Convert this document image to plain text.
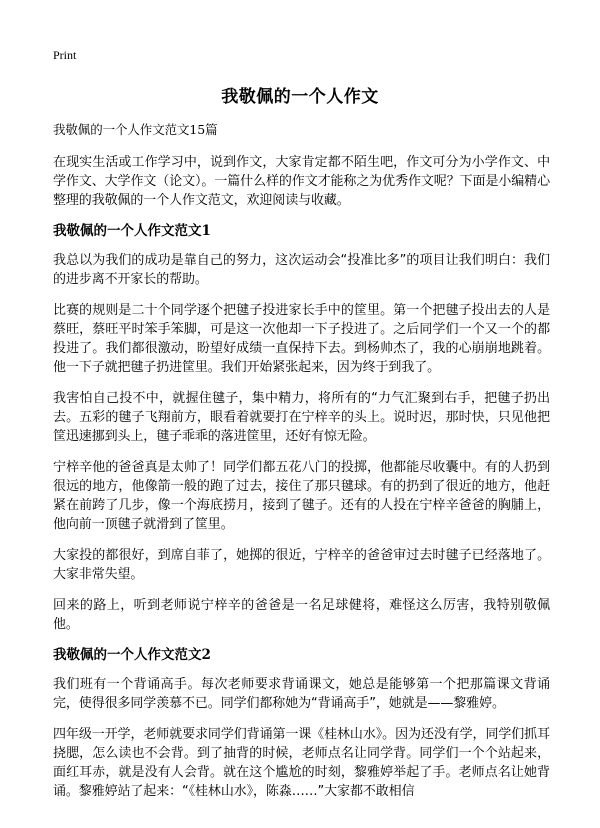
Print
我敬佩的一个人作文

我敬佩的一个人作文范文15篇

在现实生活或工作学习中，说到作文，大家肯定都不陌生吧，作文可分为小学作文、中学作文、大学作文（论文）。一篇什么样的作文才能称之为优秀作文呢？下面是小编精心整理的我敬佩的一个人作文范文，欢迎阅读与收藏。

我敬佩的一个人作文范文1

我总以为我们的成功是靠自己的努力，这次运动会“投准比多”的项目让我们明白：我们的进步离不开家长的帮助。

比赛的规则是二十个同学逐个把毽子投进家长手中的筐里。第一个把毽子投出去的人是蔡旺，蔡旺平时笨手笨脚，可是这一次他却一下子投进了。之后同学们一个又一个的都投进了。我们都很激动，盼望好成绩一直保持下去。到杨帅杰了，我的心崩崩地跳着。他一下子就把毽子扔进筐里。我们开始紧张起来，因为终于到我了。

我害怕自己投不中，就握住毽子，集中精力，将所有的“力气汇聚到右手，把毽子扔出去。五彩的毽子飞翔前方，眼看着就要打在宁梓辛的头上。说时迟，那时快，只见他把筐迅速挪到头上，毽子乖乖的落进筐里，还好有惊无险。

宁梓辛他的爸爸真是太帅了！同学们都五花八门的投掷，他都能尽收囊中。有的人扔到很远的地方，他像箭一般的跑了过去，接住了那只毽球。有的扔到了很近的地方，他赶紧在前跨了几步，像一个海底捞月，接到了毽子。还有的人投在宁梓辛爸爸的胸脯上，他向前一顶毽子就滑到了筐里。

大家投的都很好，到席自菲了，她掷的很近，宁梓辛的爸爸审过去时毽子已经落地了。大家非常失望。

回来的路上，听到老师说宁梓辛的爸爸是一名足球健将，难怪这么厉害，我特别敬佩他。

我敬佩的一个人作文范文2

我们班有一个背诵高手。每次老师要求背诵课文，她总是能够第一个把那篇课文背诵完，使得很多同学羡慕不已。同学们都称她为“背诵高手”，她就是——黎雅婷。

四年级一开学，老师就要求同学们背诵第一课《桂林山水》。因为还没有学，同学们抓耳挠腮，怎么读也不会背。到了抽背的时候，老师点名让同学背。同学们一个个站起来，面红耳赤，就是没有人会背。就在这个尴尬的时刻，黎雅婷举起了手。老师点名让她背诵。黎雅婷站了起来：“《桂林山水》，陈淼……”大家都不敢相信
